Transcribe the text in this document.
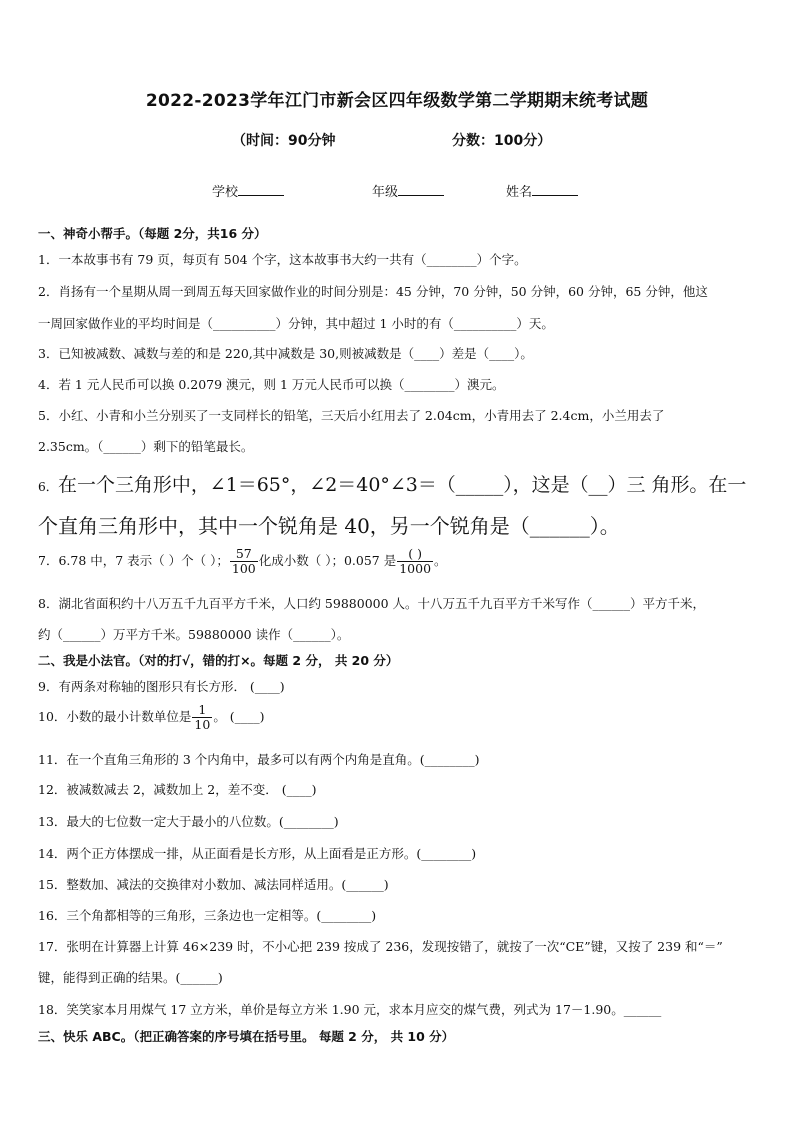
2022-2023学年江门市新会区四年级数学第二学期期末统考试题
（时间：90分钟	分数：100分）
学校	年级	姓名
一、神奇小帮手。（每题 2分，共16 分）
1．一本故事书有 79 页，每页有 504 个字，这本故事书大约一共有（________）个字。
2．肖扬有一个星期从周一到周五每天回家做作业的时间分别是：45 分钟，70 分钟，50 分钟，60 分钟，65 分钟，他这
一周回家做作业的平均时间是（__________）分钟，其中超过 1 小时的有（__________）天。
3．已知被减数、减数与差的和是 220,其中减数是 30,则被减数是（____）差是（____）。
4．若 1 元人民币可以换 0.2079 澳元，则 1 万元人民币可以换（________）澳元。
5．小红、小青和小兰分别买了一支同样长的铅笔，三天后小红用去了 2.04cm，小青用去了 2.4cm，小兰用去了
2.35cm。（______）剩下的铅笔最长。
6．在一个三角形中，∠1＝65°，∠2＝40°∠3＝（_____），这是（__）三 角形。在一
个直角三角形中，其中一个锐角是 40，另一个锐角是（______）。
7．6.78 中，7 表示（ ）个（ ）； $\frac{57}{100}$ 化成小数（ ）；0.057 是 $\frac{( )}{1000}$ 。
8．湖北省面积约十八万五千九百平方千米，人口约 59880000 人。十八万五千九百平方千米写作（______）平方千米，
约（______）万平方千米。59880000 读作（______）。
二、我是小法官。（对的打√，错的打×。每题 2 分， 共 20 分）
9．有两条对称轴的图形只有长方形． (____)
10．小数的最小计数单位是 $\frac{1}{10}$ 。 (____)
11．在一个直角三角形的 3 个内角中，最多可以有两个内角是直角。(________)
12．被减数减去 2，减数加上 2，差不变． (____)
13．最大的七位数一定大于最小的八位数。(________)
14．两个正方体摆成一排，从正面看是长方形，从上面看是正方形。(________)
15．整数加、减法的交换律对小数加、减法同样适用。(______)
16．三个角都相等的三角形，三条边也一定相等。(________)
17．张明在计算器上计算 46×239 时，不小心把 239 按成了 236，发现按错了，就按了一次“CE”键，又按了 239 和“＝”
键，能得到正确的结果。(______)
18．笑笑家本月用煤气 17 立方米，单价是每立方米 1.90 元，求本月应交的煤气费，列式为 17－1.90。______
三、快乐 ABC。（把正确答案的序号填在括号里。 每题 2 分， 共 10 分）
